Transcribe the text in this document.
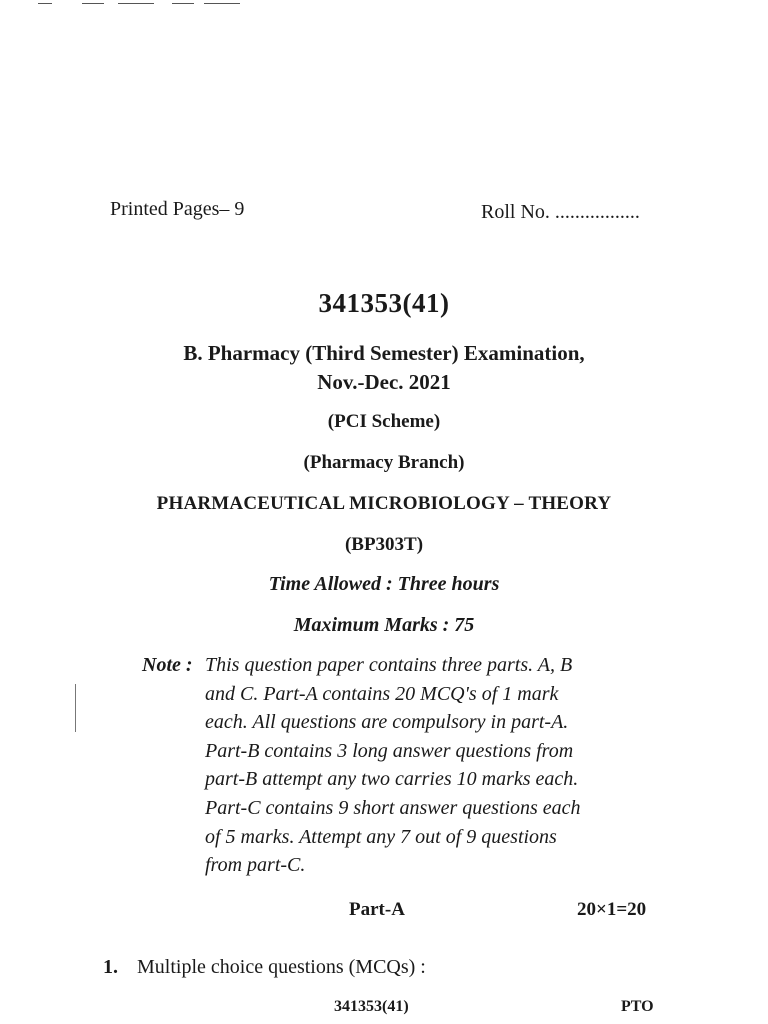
Printed Pages– 9	Roll No. .................
341353(41)
B. Pharmacy (Third Semester) Examination,
Nov.-Dec. 2021
(PCI Scheme)
(Pharmacy Branch)
PHARMACEUTICAL MICROBIOLOGY – THEORY
(BP303T)
Time Allowed : Three hours
Maximum Marks : 75
Note : This question paper contains three parts. A, B
and C. Part-A contains 20 MCQ's of 1 mark
each. All questions are compulsory in part-A.
Part-B contains 3 long answer questions from
part-B attempt any two carries 10 marks each.
Part-C contains 9 short answer questions each
of 5 marks. Attempt any 7 out of 9 questions
from part-C.
Part-A	20×1=20
1. Multiple choice questions (MCQs) :
341353(41)	PTO
